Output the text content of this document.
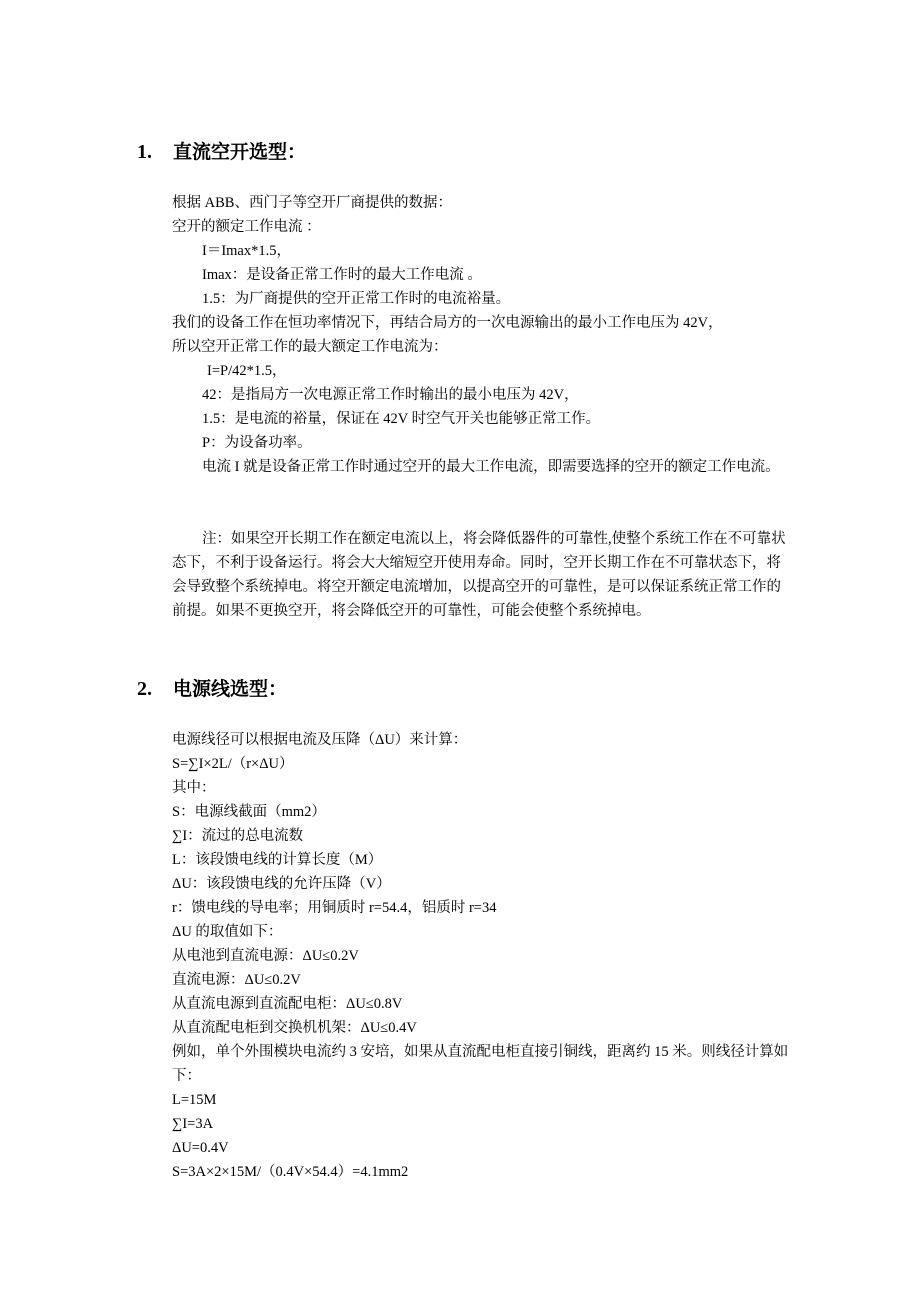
1. 直流空开选型：
根据 ABB、西门子等空开厂商提供的数据：
空开的额定工作电流 ：
I＝Imax*1.5，
Imax：是设备正常工作时的最大工作电流 。
1.5：为厂商提供的空开正常工作时的电流裕量。
我们的设备工作在恒功率情况下，再结合局方的一次电源输出的最小工作电压为 42V，
所以空开正常工作的最大额定工作电流为：
I=P/42*1.5，
42：是指局方一次电源正常工作时输出的最小电压为 42V，
1.5：是电流的裕量，保证在 42V 时空气开关也能够正常工作。
P：为设备功率。
电流 I 就是设备正常工作时通过空开的最大工作电流，即需要选择的空开的额定工作电流。
注：如果空开长期工作在额定电流以上，将会降低器件的可靠性,使整个系统工作在不可靠状态下，不利于设备运行。将会大大缩短空开使用寿命。同时，空开长期工作在不可靠状态下，将会导致整个系统掉电。将空开额定电流增加，以提高空开的可靠性，是可以保证系统正常工作的前提。如果不更换空开，将会降低空开的可靠性，可能会使整个系统掉电。
2. 电源线选型：
电源线径可以根据电流及压降（ΔU）来计算：
S=∑I×2L/（r×ΔU）
其中：
S：电源线截面（mm2）
∑I：流过的总电流数
L：该段馈电线的计算长度（M）
ΔU：该段馈电线的允许压降（V）
r：馈电线的导电率；用铜质时 r=54.4，铝质时 r=34
ΔU 的取值如下：
从电池到直流电源：ΔU≤0.2V
直流电源：ΔU≤0.2V
从直流电源到直流配电柜：ΔU≤0.8V
从直流配电柜到交换机机架：ΔU≤0.4V
例如，单个外围模块电流约 3 安培，如果从直流配电柜直接引铜线，距离约 15 米。则线径计算如下：
L=15M
∑I=3A
ΔU=0.4V
S=3A×2×15M/（0.4V×54.4）=4.1mm2
